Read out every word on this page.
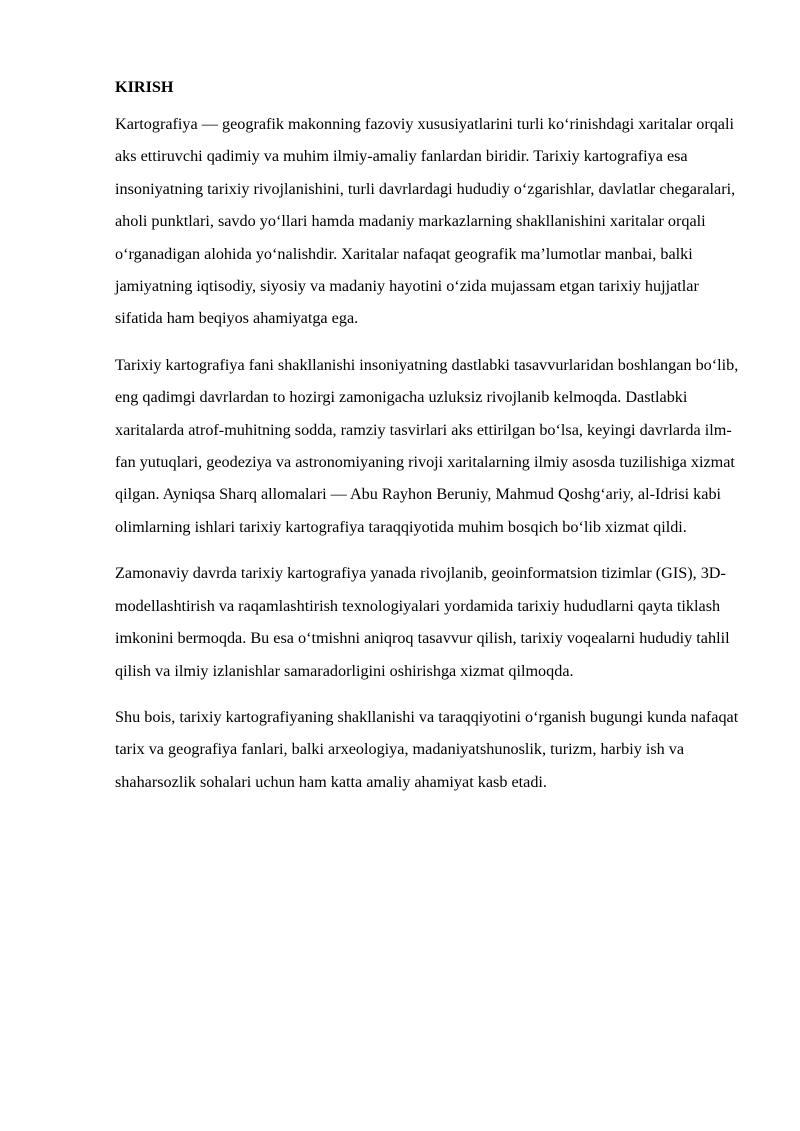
KIRISH

Kartografiya — geografik makonning fazoviy xususiyatlarini turli ko‘rinishdagi xaritalar orqali aks ettiruvchi qadimiy va muhim ilmiy-amaliy fanlardan biridir. Tarixiy kartografiya esa insoniyatning tarixiy rivojlanishini, turli davrlardagi hududiy o‘zgarishlar, davlatlar chegaralari, aholi punktlari, savdo yo‘llari hamda madaniy markazlarning shakllanishini xaritalar orqali o‘rganadigan alohida yo‘nalishdir. Xaritalar nafaqat geografik ma’lumotlar manbai, balki jamiyatning iqtisodiy, siyosiy va madaniy hayotini o‘zida mujassam etgan tarixiy hujjatlar sifatida ham beqiyos ahamiyatga ega.

Tarixiy kartografiya fani shakllanishi insoniyatning dastlabki tasavvurlaridan boshlangan bo‘lib, eng qadimgi davrlardan to hozirgi zamonigacha uzluksiz rivojlanib kelmoqda. Dastlabki xaritalarda atrof-muhitning sodda, ramziy tasvirlari aks ettirilgan bo‘lsa, keyingi davrlarda ilm-fan yutuqlari, geodeziya va astronomiyaning rivoji xaritalarning ilmiy asosda tuzilishiga xizmat qilgan. Ayniqsa Sharq allomalari — Abu Rayhon Beruniy, Mahmud Qoshg‘ariy, al-Idrisi kabi olimlarning ishlari tarixiy kartografiya taraqqiyotida muhim bosqich bo‘lib xizmat qildi.

Zamonaviy davrda tarixiy kartografiya yanada rivojlanib, geoinformatsion tizimlar (GIS), 3D-modellashtirish va raqamlashtirish texnologiyalari yordamida tarixiy hududlarni qayta tiklash imkonini bermoqda. Bu esa o‘tmishni aniqroq tasavvur qilish, tarixiy voqealarni hududiy tahlil qilish va ilmiy izlanishlar samaradorligini oshirishga xizmat qilmoqda.

Shu bois, tarixiy kartografiyaning shakllanishi va taraqqiyotini o‘rganish bugungi kunda nafaqat tarix va geografiya fanlari, balki arxeologiya, madaniyatshunoslik, turizm, harbiy ish va shaharsozlik sohalari uchun ham katta amaliy ahamiyat kasb etadi.
